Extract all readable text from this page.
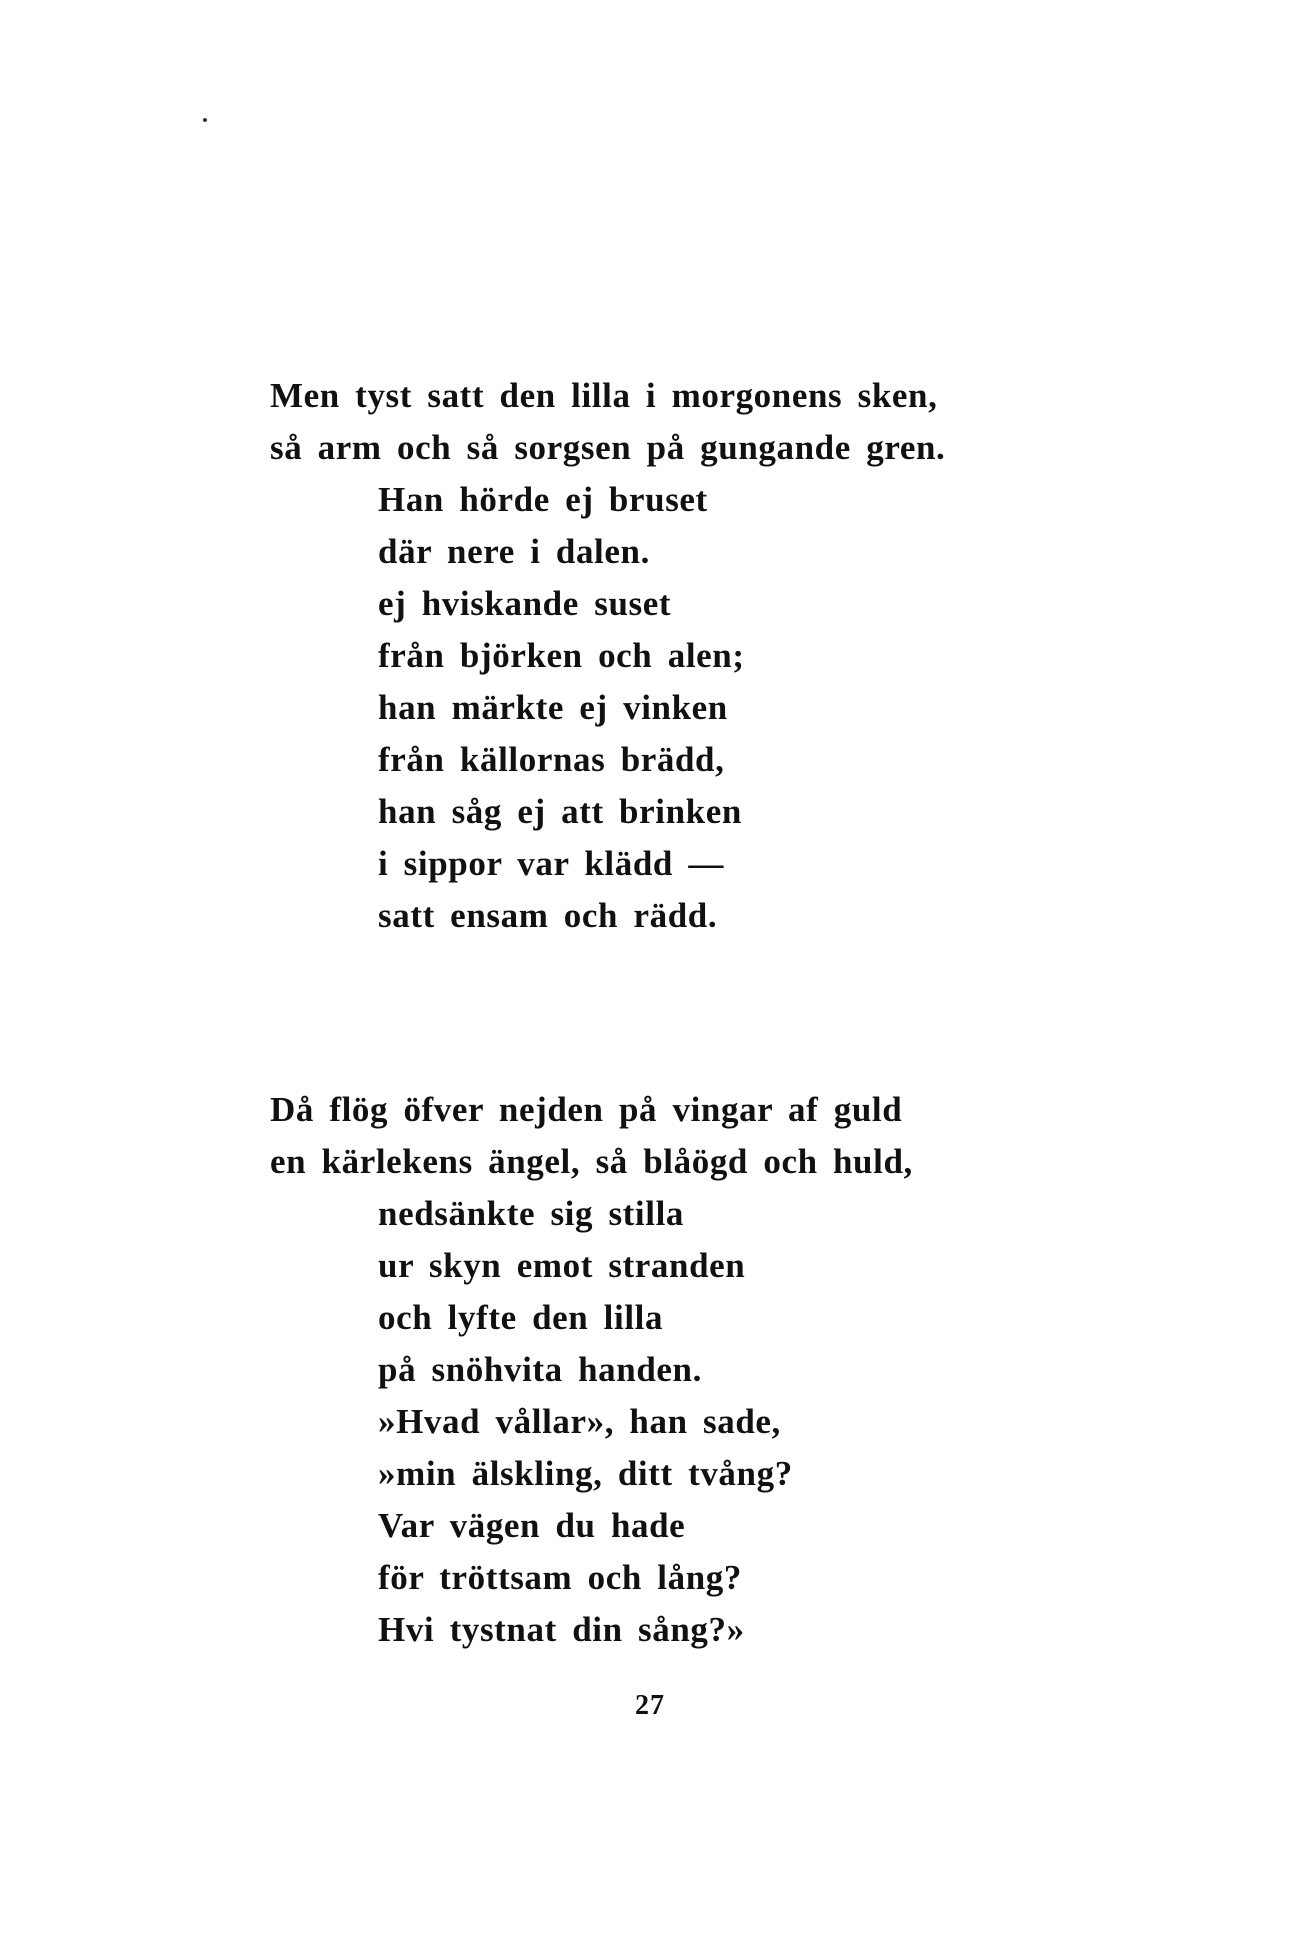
Men tyst satt den lilla i morgonens sken,
så arm och så sorgsen på gungande gren.
Han hörde ej bruset
där nere i dalen.
ej hviskande suset
från björken och alen;
han märkte ej vinken
från källornas brädd,
han såg ej att brinken
i sippor var klädd —
satt ensam och rädd.
Då flög öfver nejden på vingar af guld
en kärlekens ängel, så blåögd och huld,
nedsänkte sig stilla
ur skyn emot stranden
och lyfte den lilla
på snöhvita handen.
»Hvad vållar», han sade,
»min älskling, ditt tvång?
Var vägen du hade
för tröttsam och lång?
Hvi tystnat din sång?»
27
